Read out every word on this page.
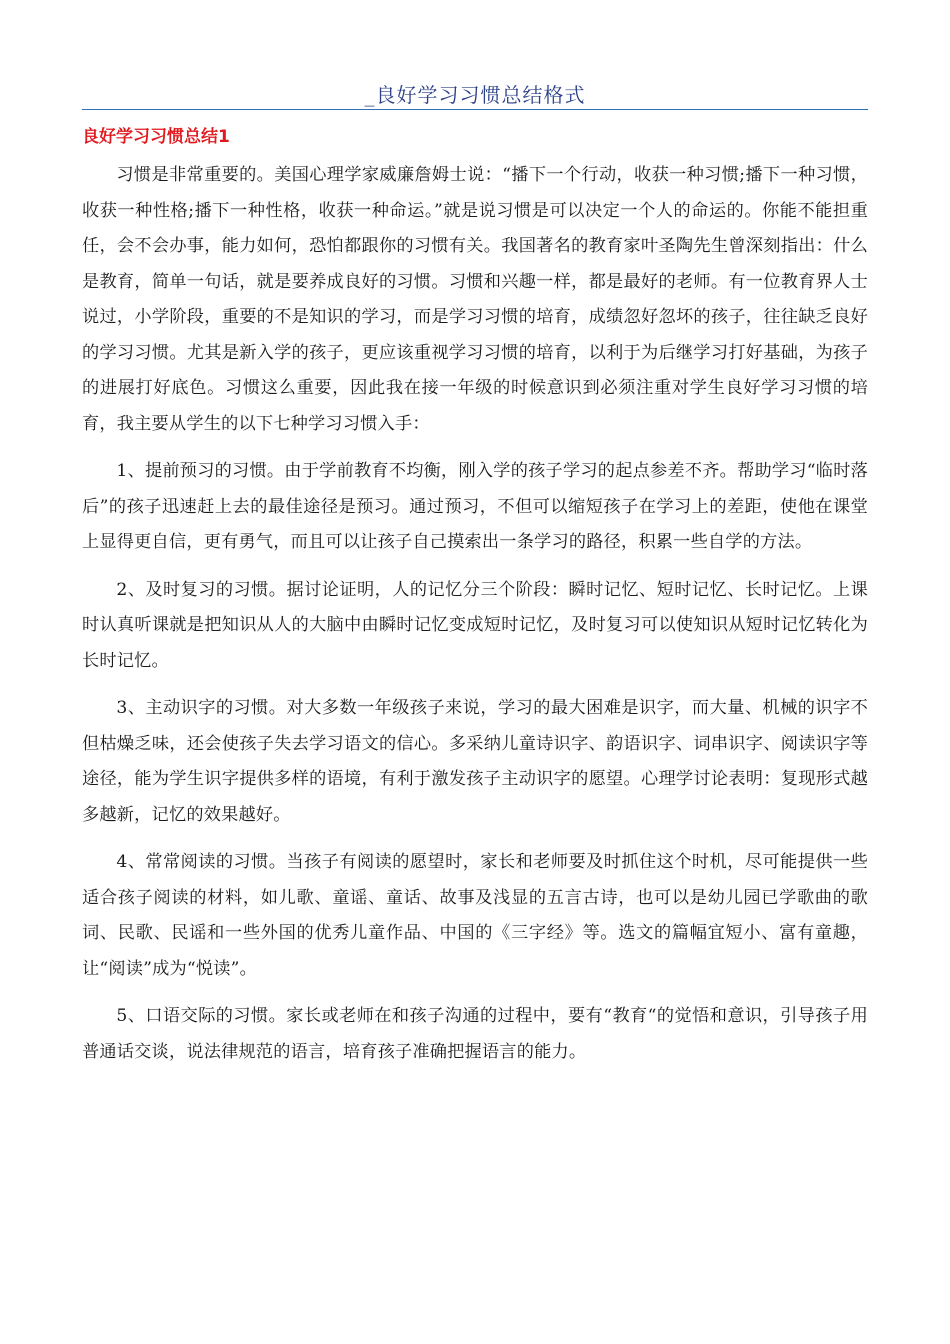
_良好学习习惯总结格式
良好学习习惯总结1

习惯是非常重要的。美国心理学家威廉詹姆士说：“播下一个行动，收获一种习惯;播下一种习惯，收获一种性格;播下一种性格，收获一种命运。”就是说习惯是可以决定一个人的命运的。你能不能担重任，会不会办事，能力如何，恐怕都跟你的习惯有关。我国著名的教育家叶圣陶先生曾深刻指出：什么是教育，简单一句话，就是要养成良好的习惯。习惯和兴趣一样，都是最好的老师。有一位教育界人士说过，小学阶段，重要的不是知识的学习，而是学习习惯的培育，成绩忽好忽坏的孩子，往往缺乏良好的学习习惯。尤其是新入学的孩子，更应该重视学习习惯的培育，以利于为后继学习打好基础，为孩子的进展打好底色。习惯这么重要，因此我在接一年级的时候意识到必须注重对学生良好学习习惯的培育，我主要从学生的以下七种学习习惯入手：

1、提前预习的习惯。由于学前教育不均衡，刚入学的孩子学习的起点参差不齐。帮助学习“临时落后”的孩子迅速赶上去的最佳途径是预习。通过预习，不但可以缩短孩子在学习上的差距，使他在课堂上显得更自信，更有勇气，而且可以让孩子自己摸索出一条学习的路径，积累一些自学的方法。

2、及时复习的习惯。据讨论证明，人的记忆分三个阶段：瞬时记忆、短时记忆、长时记忆。上课时认真听课就是把知识从人的大脑中由瞬时记忆变成短时记忆，及时复习可以使知识从短时记忆转化为长时记忆。

3、主动识字的习惯。对大多数一年级孩子来说，学习的最大困难是识字，而大量、机械的识字不但枯燥乏味，还会使孩子失去学习语文的信心。多采纳儿童诗识字、韵语识字、词串识字、阅读识字等途径，能为学生识字提供多样的语境，有利于激发孩子主动识字的愿望。心理学讨论表明：复现形式越多越新，记忆的效果越好。

4、常常阅读的习惯。当孩子有阅读的愿望时，家长和老师要及时抓住这个时机，尽可能提供一些适合孩子阅读的材料，如儿歌、童谣、童话、故事及浅显的五言古诗，也可以是幼儿园已学歌曲的歌词、民歌、民谣和一些外国的优秀儿童作品、中国的《三字经》等。选文的篇幅宜短小、富有童趣，让“阅读”成为“悦读”。

5、口语交际的习惯。家长或老师在和孩子沟通的过程中，要有“教育“的觉悟和意识，引导孩子用普通话交谈，说法律规范的语言，培育孩子准确把握语言的能力。
